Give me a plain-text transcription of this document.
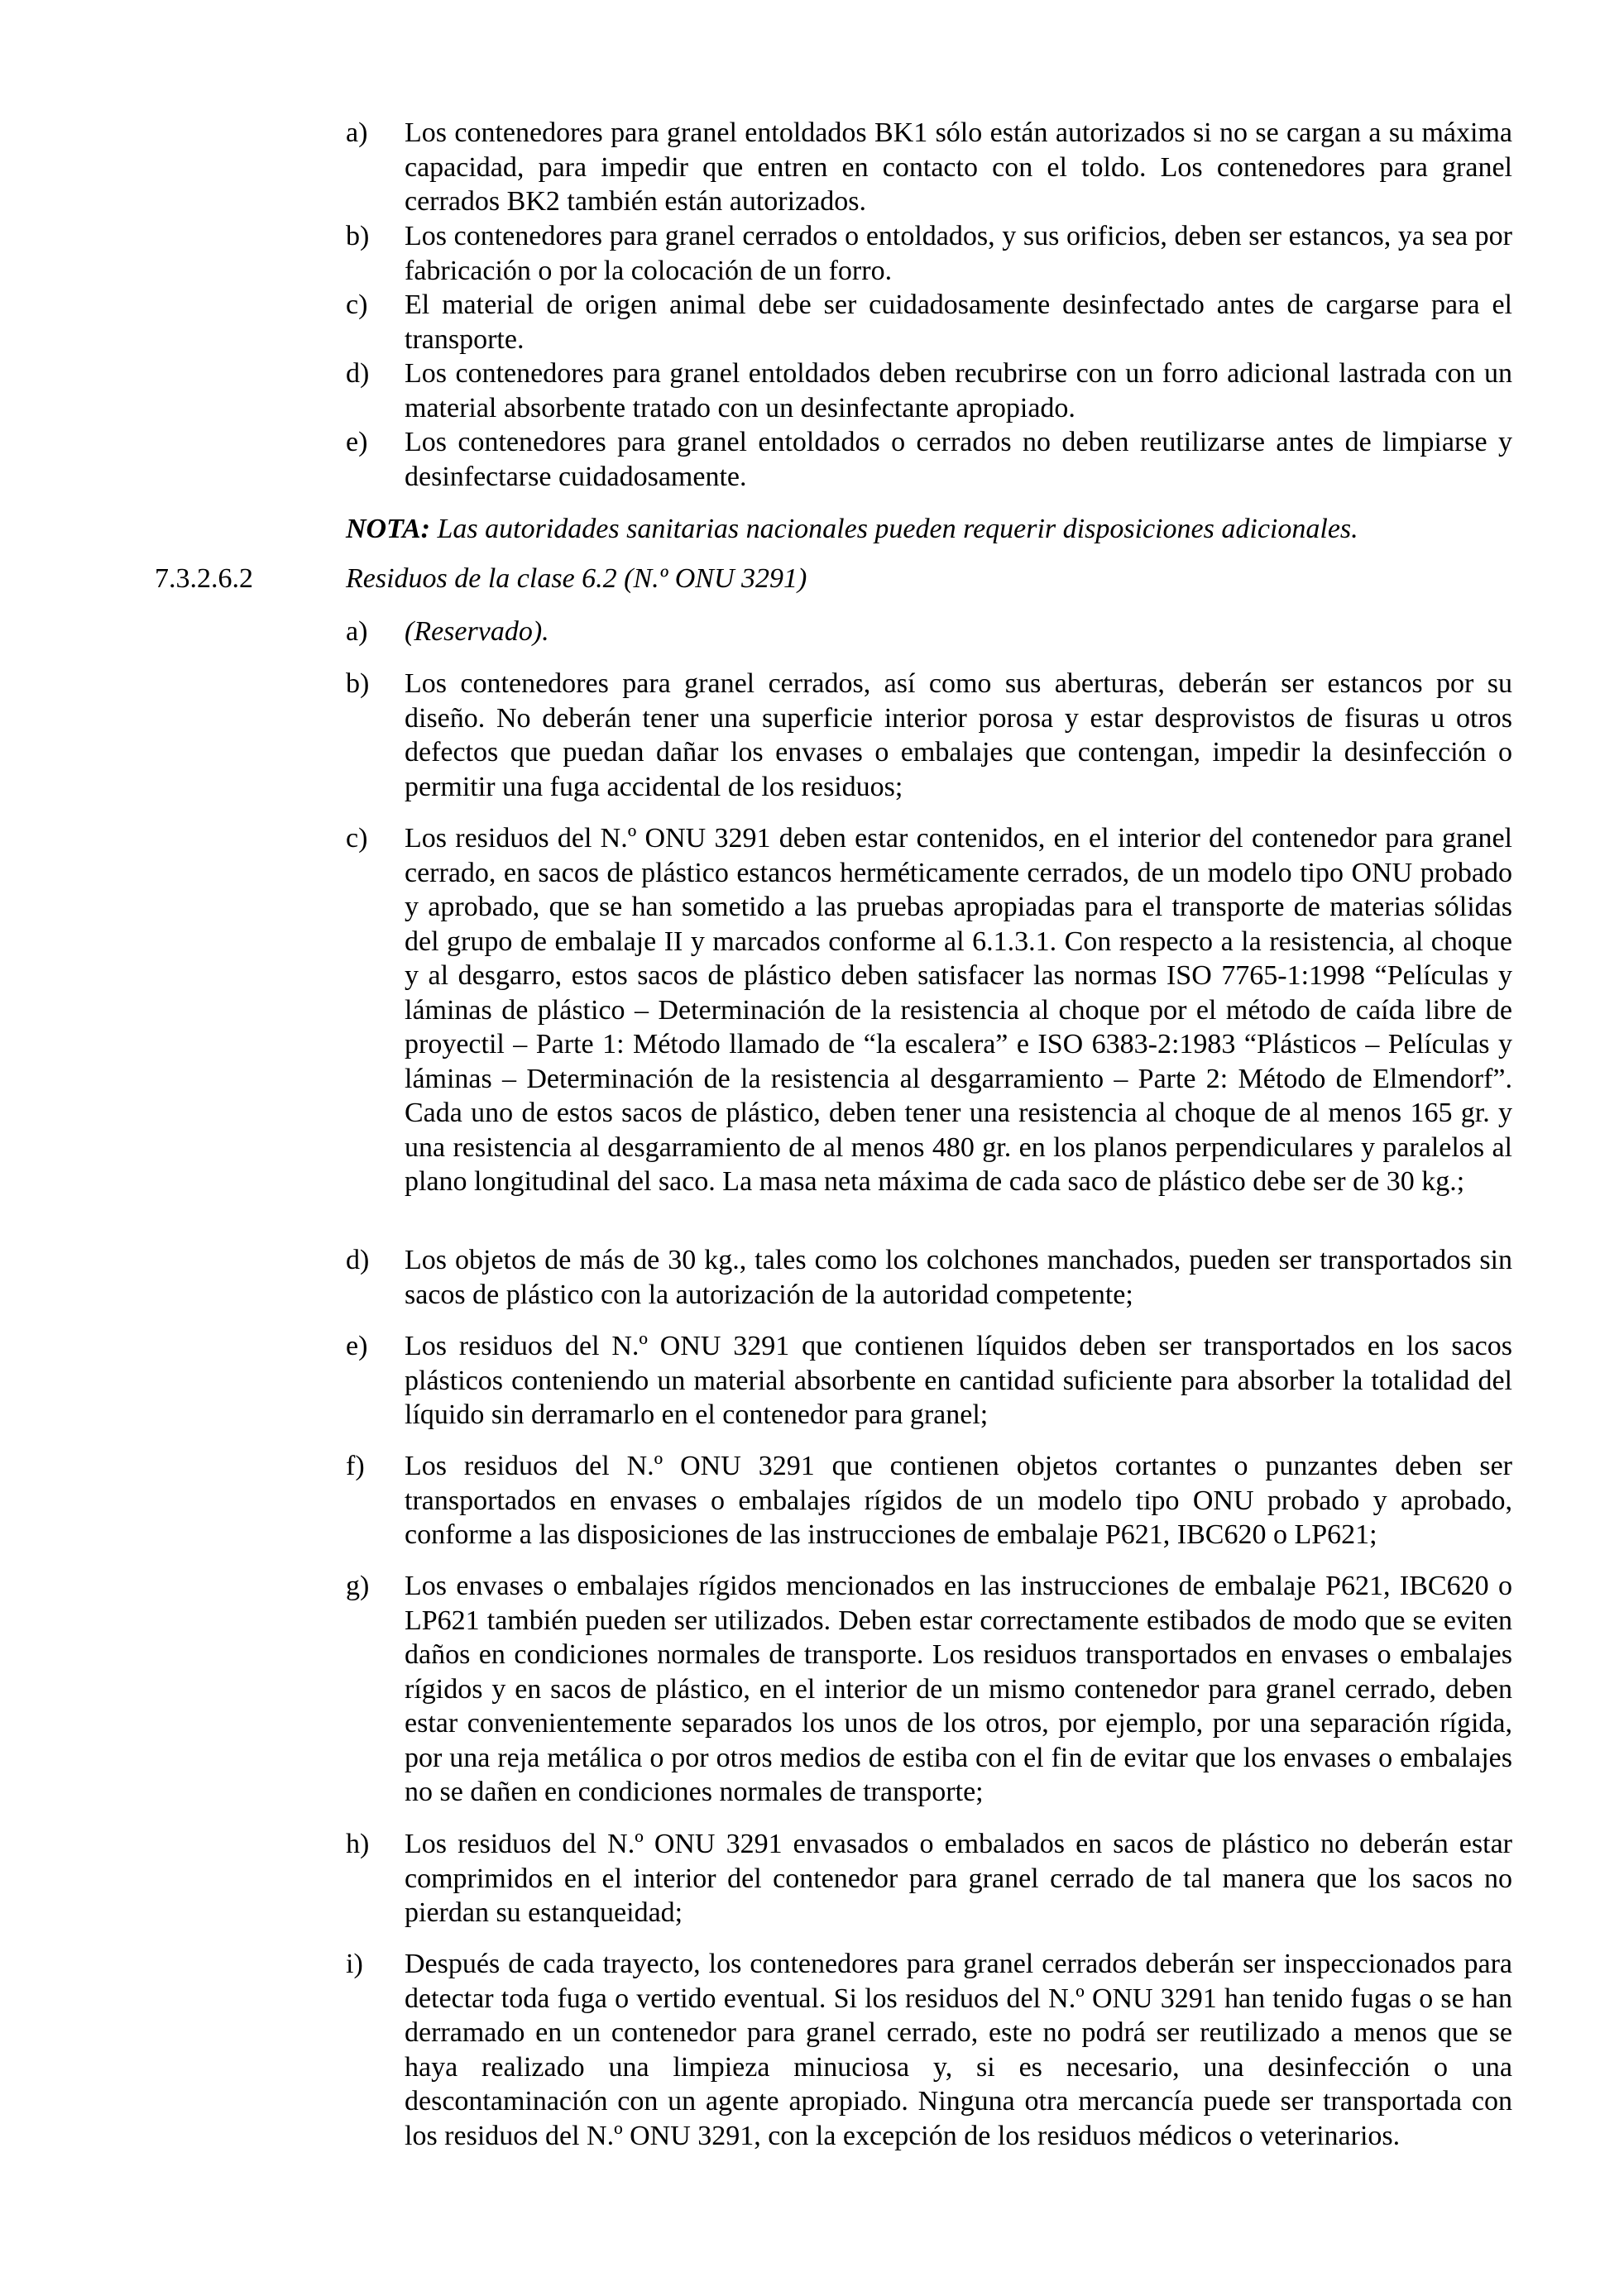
a)	Los contenedores para granel entoldados BK1 sólo están autorizados si no se cargan a su máxima capacidad, para impedir que entren en contacto con el toldo. Los contenedores para granel cerrados BK2 también están autorizados.
b)	Los contenedores para granel cerrados o entoldados, y sus orificios, deben ser estancos, ya sea por fabricación o por la colocación de un forro.
c)	El material de origen animal debe ser cuidadosamente desinfectado antes de cargarse para el transporte.
d)	Los contenedores para granel entoldados deben recubrirse con un forro adicional lastrada con un material absorbente tratado con un desinfectante apropiado.
e)	Los contenedores para granel entoldados o cerrados no deben reutilizarse antes de limpiarse y desinfectarse cuidadosamente.
NOTA: Las autoridades sanitarias nacionales pueden requerir disposiciones adicionales.
7.3.2.6.2	Residuos de la clase 6.2 (N.º ONU 3291)
a)	(Reservado).
b)	Los contenedores para granel cerrados, así como sus aberturas, deberán ser estancos por su diseño. No deberán tener una superficie interior porosa y estar desprovistos de fisuras u otros defectos que puedan dañar los envases o embalajes que contengan, impedir la desinfección o permitir una fuga accidental de los residuos;
c)	Los residuos del N.º ONU 3291 deben estar contenidos, en el interior del contenedor para granel cerrado, en sacos de plástico estancos herméticamente cerrados, de un modelo tipo ONU probado y aprobado, que se han sometido a las pruebas apropiadas para el transporte de materias sólidas del grupo de embalaje II y marcados conforme al 6.1.3.1. Con respecto a la resistencia, al choque y al desgarro, estos sacos de plástico deben satisfacer las normas ISO 7765-1:1998 “Películas y láminas de plástico – Determinación de la resistencia al choque por el método de caída libre de proyectil – Parte 1: Método llamado de “la escalera” e ISO 6383-2:1983 “Plásticos – Películas y láminas – Determinación de la resistencia al desgarramiento – Parte 2: Método de Elmendorf”. Cada uno de estos sacos de plástico, deben tener una resistencia al choque de al menos 165 gr. y una resistencia al desgarramiento de al menos 480 gr. en los planos perpendiculares y paralelos al plano longitudinal del saco. La masa neta máxima de cada saco de plástico debe ser de 30 kg.;
d)	Los objetos de más de 30 kg., tales como los colchones manchados, pueden ser transportados sin sacos de plástico con la autorización de la autoridad competente;
e)	Los residuos del N.º ONU 3291 que contienen líquidos deben ser transportados en los sacos plásticos conteniendo un material absorbente en cantidad suficiente para absorber la totalidad del líquido sin derramarlo en el contenedor para granel;
f)	Los residuos del N.º ONU 3291 que contienen objetos cortantes o punzantes deben ser transportados en envases o embalajes rígidos de un modelo tipo ONU probado y aprobado, conforme a las disposiciones de las instrucciones de embalaje P621, IBC620 o LP621;
g)	Los envases o embalajes rígidos mencionados en las instrucciones de embalaje P621, IBC620 o LP621 también pueden ser utilizados. Deben estar correctamente estibados de modo que se eviten daños en condiciones normales de transporte. Los residuos transportados en envases o embalajes rígidos y en sacos de plástico, en el interior de un mismo contenedor para granel cerrado, deben estar convenientemente separados los unos de los otros, por ejemplo, por una separación rígida, por una reja metálica o por otros medios de estiba con el fin de evitar que los envases o embalajes no se dañen en condiciones normales de transporte;
h)	Los residuos del N.º ONU 3291 envasados o embalados en sacos de plástico no deberán estar comprimidos en el interior del contenedor para granel cerrado de tal manera que los sacos no pierdan su estanqueidad;
i)	Después de cada trayecto, los contenedores para granel cerrados deberán ser inspeccionados para detectar toda fuga o vertido eventual. Si los residuos del N.º ONU 3291 han tenido fugas o se han derramado en un contenedor para granel cerrado, este no podrá ser reutilizado a menos que se haya realizado una limpieza minuciosa y, si es necesario, una desinfección o una descontaminación con un agente apropiado. Ninguna otra mercancía puede ser transportada con los residuos del N.º ONU 3291, con la excepción de los residuos médicos o veterinarios.
